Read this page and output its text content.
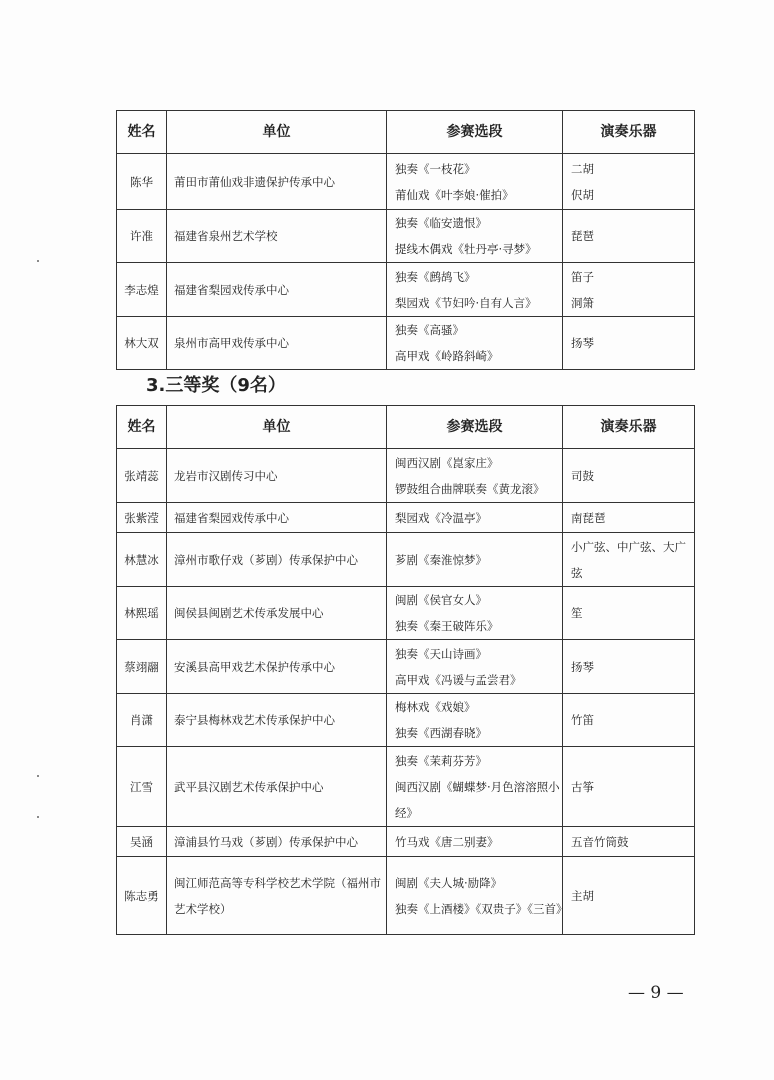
姓名	单位	参赛选段	演奏乐器
陈华	莆田市莆仙戏非遗保护传承中心	独奏《一枝花》
莆仙戏《叶李娘·催拍》	二胡
伬胡

许准	福建省泉州艺术学校	独奏《临安遗恨》
提线木偶戏《牡丹亭·寻梦》	琵琶
李志煌	福建省梨园戏传承中心	独奏《鹧鸪飞》
梨园戏《节妇吟·自有人言》	笛子
洞箫

林大双	泉州市高甲戏传承中心	独奏《高骚》
高甲戏《岭路斜崎》	扬琴
3.三等奖（9名）
姓名	单位	参赛选段	演奏乐器
张靖蕊	龙岩市汉剧传习中心	闽西汉剧《崑家庄》
锣鼓组合曲牌联奏《黄龙滚》	司鼓
张紫滢	福建省梨园戏传承中心	梨园戏《冷温亭》	南琵琶
林慧冰	漳州市歌仔戏（芗剧）传承保护中心	芗剧《秦淮惊梦》	小广弦、中广弦、大广弦

林熙瑶	闽侯县闽剧艺术传承发展中心	闽剧《侯官女人》
独奏《秦王破阵乐》	笙
蔡翊翮	安溪县高甲戏艺术保护传承中心	独奏《天山诗画》
高甲戏《冯谖与孟尝君》	扬琴
肖潇	泰宁县梅林戏艺术传承保护中心	梅林戏《戏娘》
独奏《西湖春晓》	竹笛
江雪	武平县汉剧艺术传承保护中心	独奏《茉莉芬芳》
闽西汉剧《蝴蝶梦·月色溶溶照小经》	古筝
吴涵	漳浦县竹马戏（芗剧）传承保护中心	竹马戏《唐二别妻》	五音竹筒鼓
陈志勇	闽江师范高等专科学校艺术学院（福州市艺术学校）	闽剧《夫人城·励降》
独奏《上酒楼》《双贵子》《三首》	主胡
— 9 —
